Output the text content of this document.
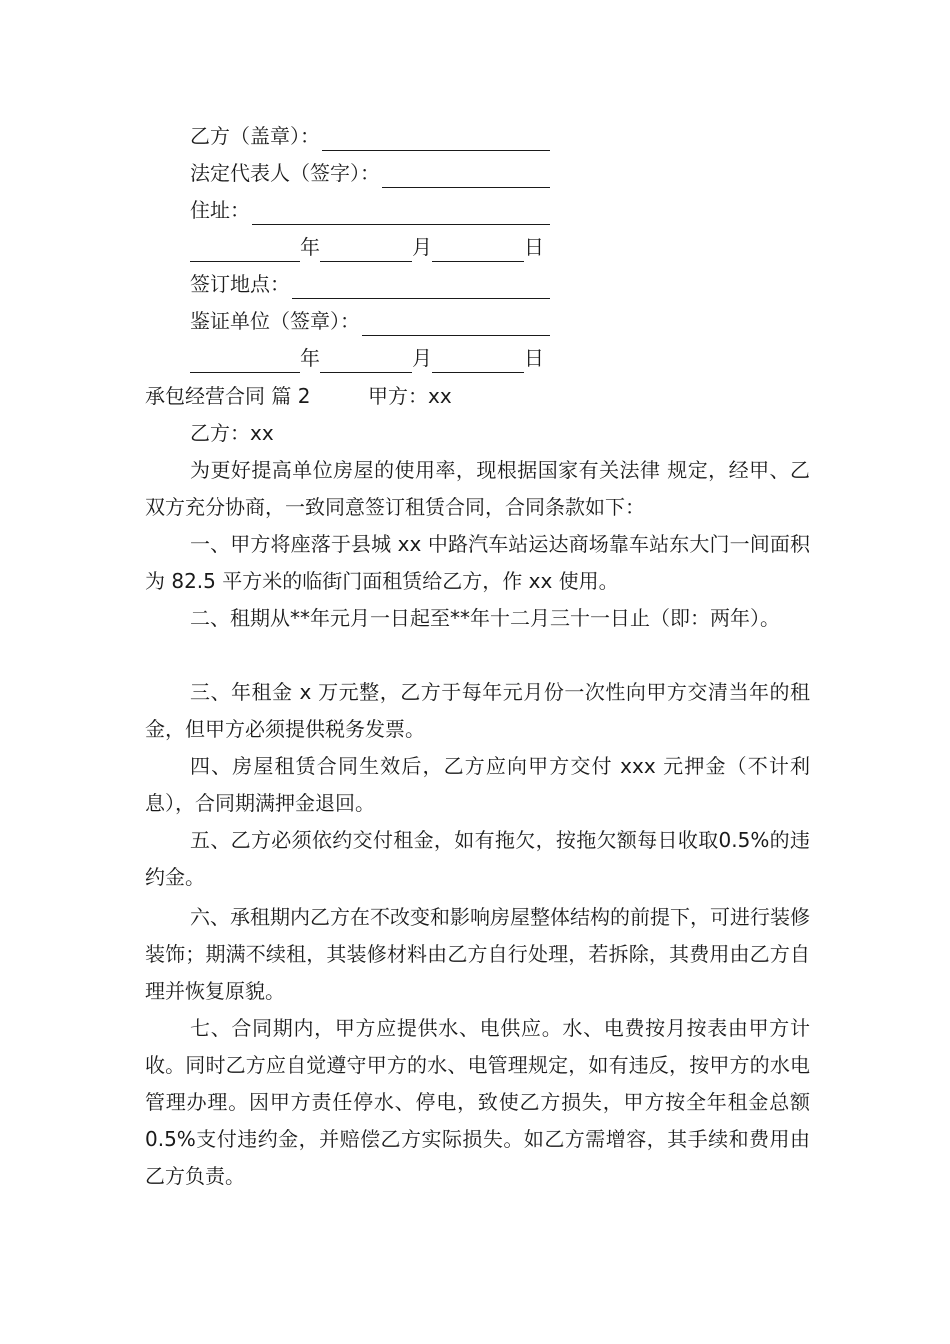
乙方（盖章）：
法定代表人（签字）：
住址：
年	月	日
签订地点：
鉴证单位（签章）：
年	月	日
承包经营合同 篇 2	甲方：xx
乙方：xx
为更好提高单位房屋的使用率，现根据国家有关法律 规定，经甲、乙双方充分协商，一致同意签订租赁合同，合同条款如下：
一、甲方将座落于县城 xx 中路汽车站运达商场靠车站东大门一间面积为 82.5 平方米的临街门面租赁给乙方，作 xx 使用。
二、租期从**年元月一日起至**年十二月三十一日止（即：两年）。
三、年租金 x 万元整，乙方于每年元月份一次性向甲方交清当年的租金，但甲方必须提供税务发票。
四、房屋租赁合同生效后，乙方应向甲方交付 xxx 元押金（不计利息），合同期满押金退回。
五、乙方必须依约交付租金，如有拖欠，按拖欠额每日收取0.5%的违约金。
六、承租期内乙方在不改变和影响房屋整体结构的前提下，可进行装修装饰；期满不续租，其装修材料由乙方自行处理，若拆除，其费用由乙方自理并恢复原貌。
七、合同期内，甲方应提供水、电供应。水、电费按月按表由甲方计收。同时乙方应自觉遵守甲方的水、电管理规定，如有违反，按甲方的水电管理办理。因甲方责任停水、停电，致使乙方损失，甲方按全年租金总额 0.5%支付违约金，并赔偿乙方实际损失。如乙方需增容，其手续和费用由乙方负责。
